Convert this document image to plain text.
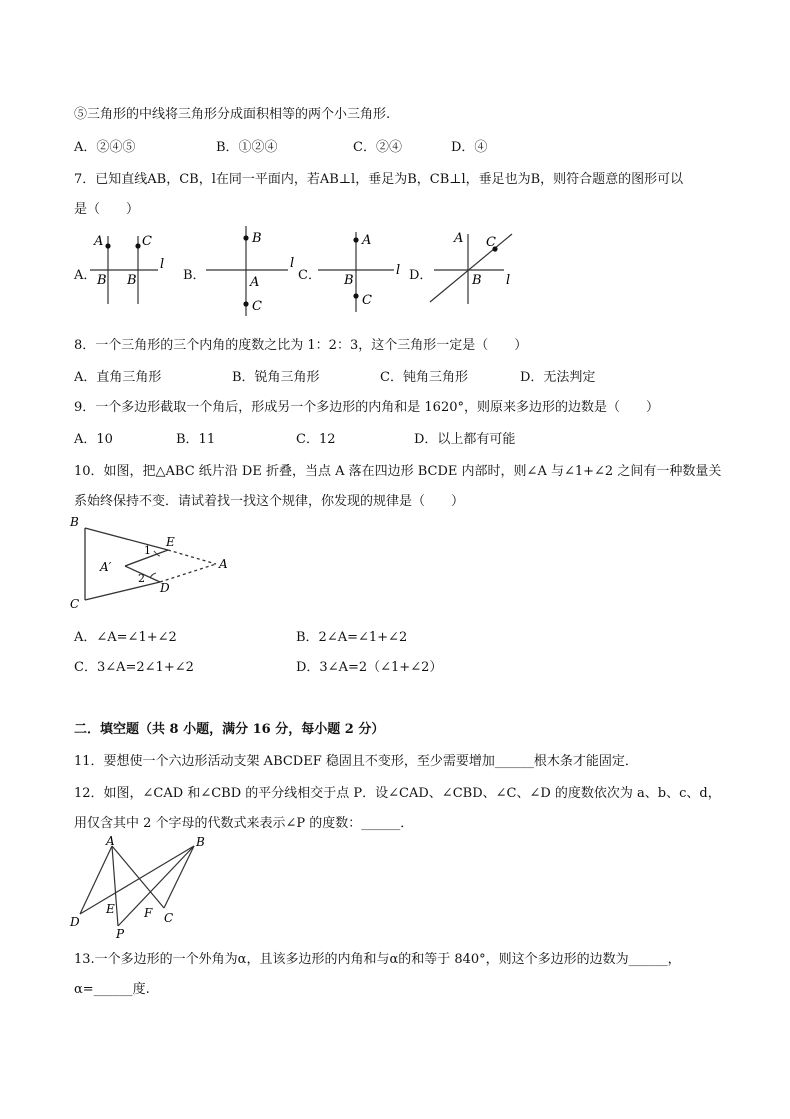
⑤三角形的中线将三角形分成面积相等的两个小三角形.
A．②④⑤	B．①②④	C．②④	D．④
7．已知直线AB，CB，l在同一平面内，若AB⊥l，垂足为B，CB⊥l，垂足也为B，则符合题意的图形可以
是（　　）
A．	B．	C．	D．
A	C
B B
l
B
A
C
l
A
B
C
l
A C
B l
8．一个三角形的三个内角的度数之比为 1：2：3，这个三角形一定是（　　）
A．直角三角形	B．锐角三角形	C．钝角三角形	D．无法判定
9．一个多边形截取一个角后，形成另一个多边形的内角和是 1620°，则原来多边形的边数是（　　）
A．10	B．11	C．12	D．以上都有可能
10．如图，把△ABC 纸片沿 DE 折叠，当点 A 落在四边形 BCDE 内部时，则∠A 与∠1+∠2 之间有一种数量关
系始终保持不变．请试着找一找这个规律，你发现的规律是（　　）
B
C
E
D
A
A′
1
2
A．∠A=∠1+∠2	B．2∠A=∠1+∠2
C．3∠A=2∠1+∠2	D．3∠A=2（∠1+∠2）
二．填空题（共 8 小题，满分 16 分，每小题 2 分）
11．要想使一个六边形活动支架 ABCDEF 稳固且不变形，至少需要增加______根木条才能固定．
12．如图，∠CAD 和∠CBD 的平分线相交于点 P．设∠CAD、∠CBD、∠C、∠D 的度数依次为 a、b、c、d，
用仅含其中 2 个字母的代数式来表示∠P 的度数：______．
A	B
D
E F C
P
13.一个多边形的一个外角为α，且该多边形的内角和与α的和等于 840°，则这个多边形的边数为______，
α=______度.
